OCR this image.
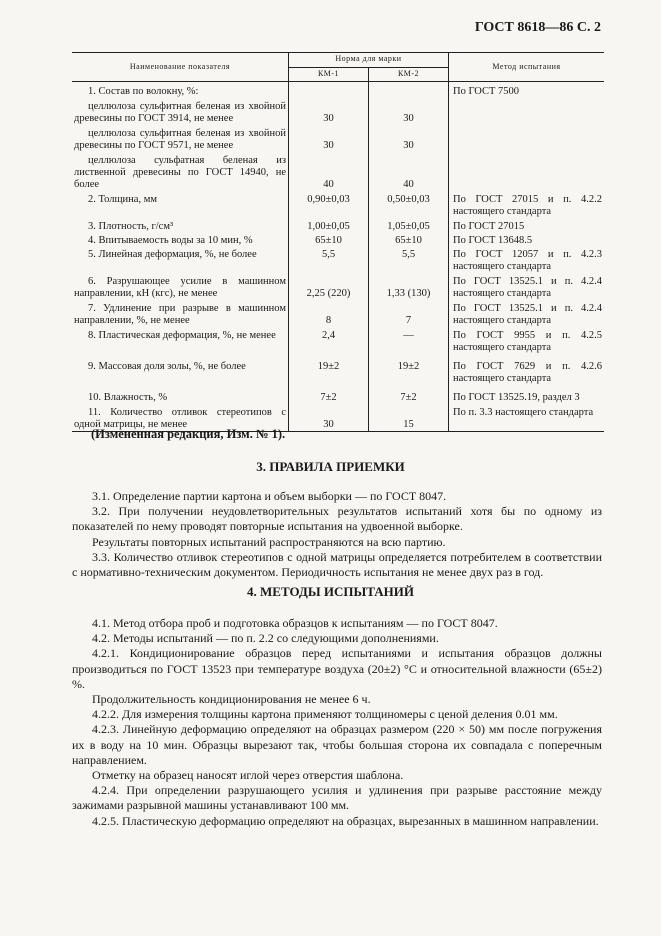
ГОСТ 8618—86 С. 2
Наименование показателя	Норма для марки		Метод испытания
	КМ-1	КМ-2	
1. Состав по волокну, %:			По ГОСТ 7500
целлюлоза сульфитная беленая из хвойной древесины по ГОСТ 3914, не менее	30	30	
целлюлоза сульфитная беленая из хвойной древесины по ГОСТ 9571, не менее	30	30	
целлюлоза сульфатная беленая из лиственной древесины по ГОСТ 14940, не более	40	40	
2. Толщина, мм	0,90±0,03	0,50±0,03	По ГОСТ 27015 и п. 4.2.2 настоящего стандарта
3. Плотность, г/см³	1,00±0,05	1,05±0,05	По ГОСТ 27015
4. Впитываемость воды за 10 мин, %	65±10	65±10	По ГОСТ 13648.5
5. Линейная деформация, %, не более	5,5	5,5	По ГОСТ 12057 и п. 4.2.3 настоящего стандарта
6. Разрушающее усилие в машинном направлении, кН (кгс), не менее	2,25 (220)	1,33 (130)	По ГОСТ 13525.1 и п. 4.2.4 настоящего стандарта
7. Удлинение при разрыве в машинном направлении, %, не менее	8	7	По ГОСТ 13525.1 и п. 4.2.4 настоящего стандарта
8. Пластическая деформация, %, не менее	2,4	—	По ГОСТ 9955 и п. 4.2.5 настоящего стандарта
9. Массовая доля золы, %, не более	19±2	19±2	По ГОСТ 7629 и п. 4.2.6 настоящего стандарта
10. Влажность, %	7±2	7±2	По ГОСТ 13525.19, раздел 3
11. Количество отливок стереотипов с одной матрицы, не менее	30	15	По п. 3.3 настоящего стандарта
(Измененная редакция, Изм. № 1).
3. ПРАВИЛА ПРИЕМКИ

3.1. Определение партии картона и объем выборки — по ГОСТ 8047.

3.2. При получении неудовлетворительных результатов испытаний хотя бы по одному из показателей по нему проводят повторные испытания на удвоенной выборке.

Результаты повторных испытаний распространяются на всю партию.

3.3. Количество отливок стереотипов с одной матрицы определяется потребителем в соответствии с нормативно-техническим документом. Периодичность испытания не менее двух раз в год.

4. МЕТОДЫ ИСПЫТАНИЙ

4.1. Метод отбора проб и подготовка образцов к испытаниям — по ГОСТ 8047.

4.2. Методы испытаний — по п. 2.2 со следующими дополнениями.

4.2.1. Кондиционирование образцов перед испытаниями и испытания образцов должны производиться по ГОСТ 13523 при температуре воздуха (20±2) °С и относительной влажности (65±2) %.

Продолжительность кондиционирования не менее 6 ч.

4.2.2. Для измерения толщины картона применяют толщиномеры с ценой деления 0.01 мм.

4.2.3. Линейную деформацию определяют на образцах размером (220 × 50) мм после погружения их в воду на 10 мин. Образцы вырезают так, чтобы большая сторона их совпадала с поперечным направлением.

Отметку на образец наносят иглой через отверстия шаблона.

4.2.4. При определении разрушающего усилия и удлинения при разрыве расстояние между зажимами разрывной машины устанавливают 100 мм.

4.2.5. Пластическую деформацию определяют на образцах, вырезанных в машинном направлении.
